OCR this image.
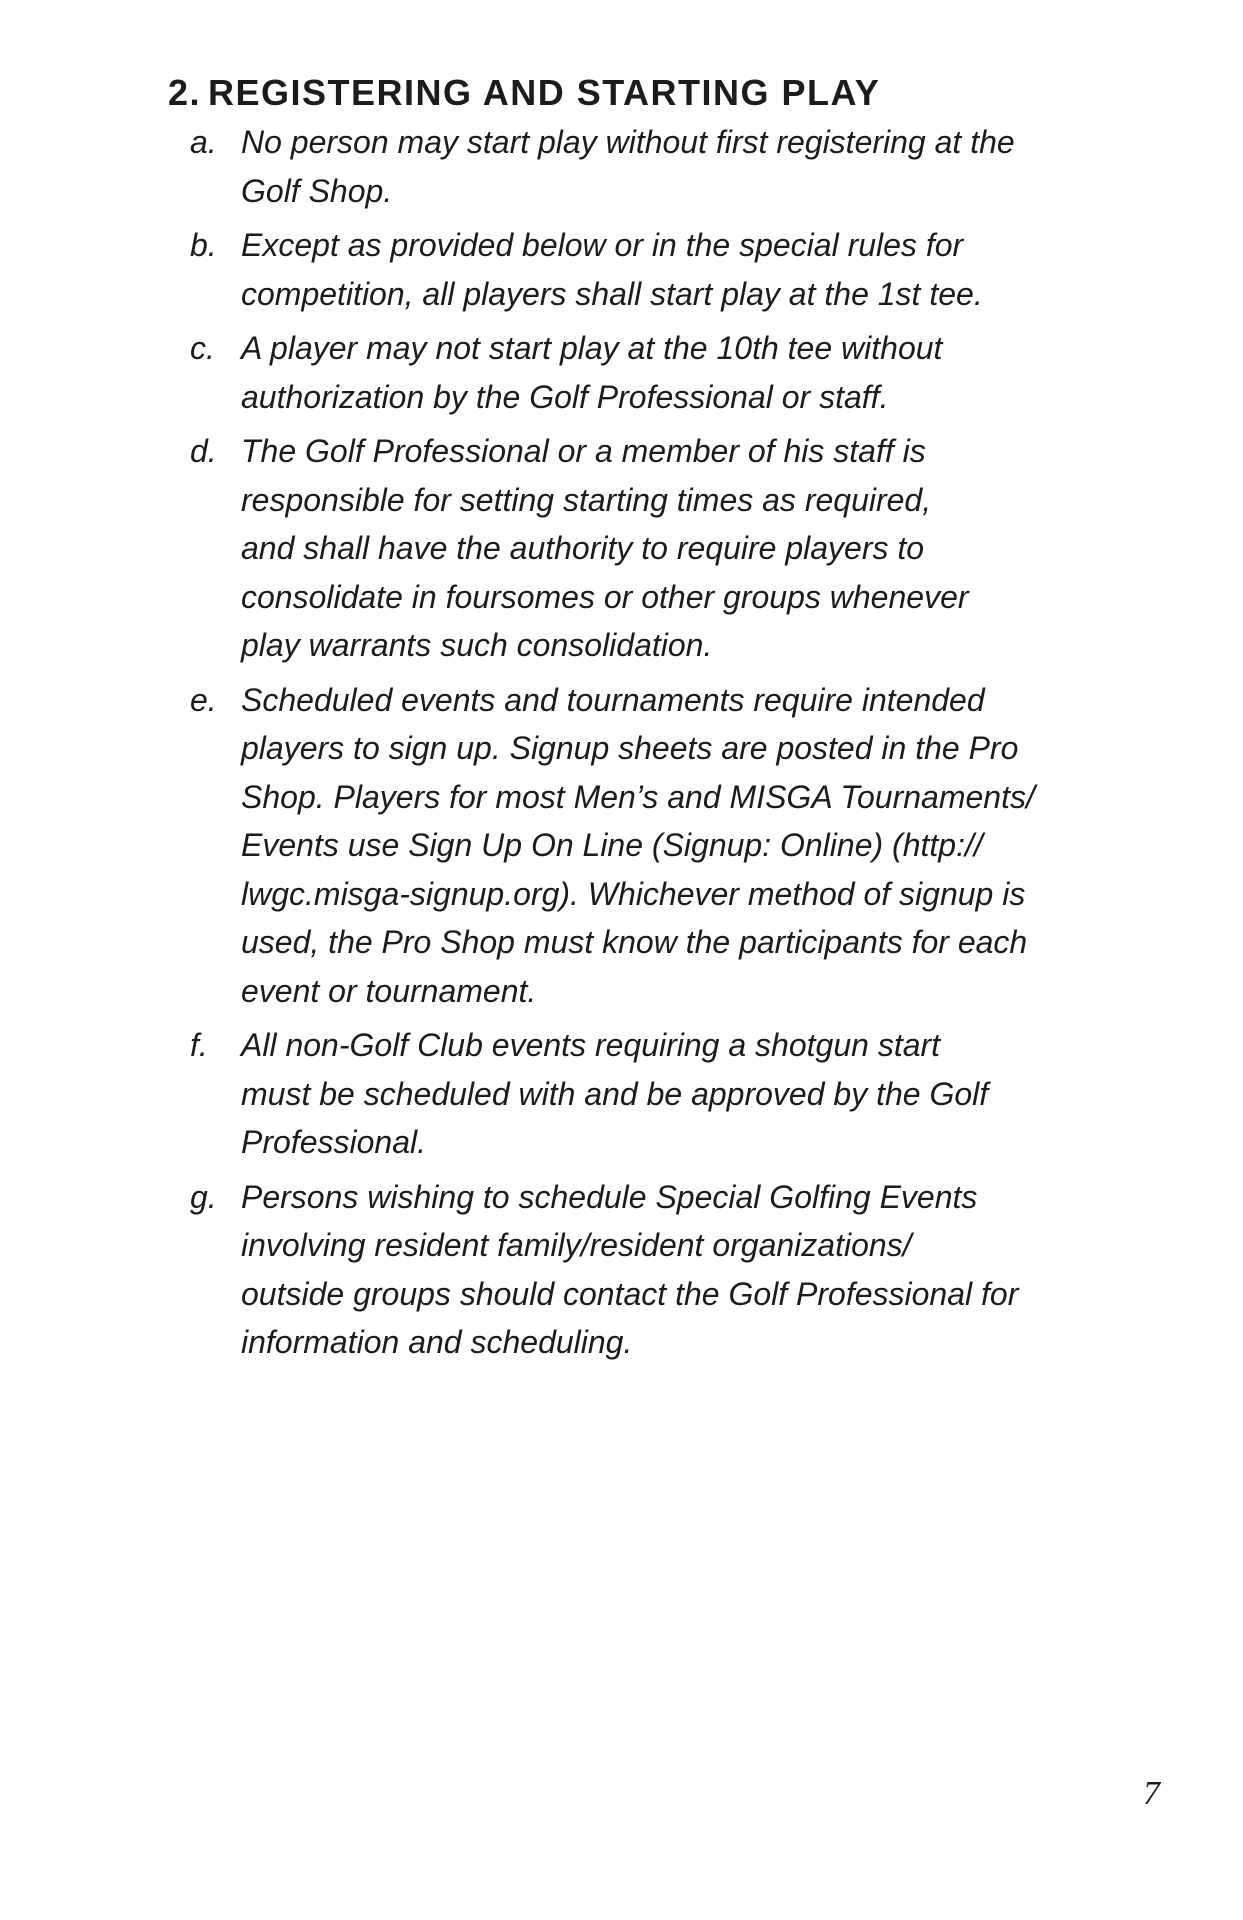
2. REGISTERING AND STARTING PLAY
a. No person may start play without first registering at the
Golf Shop.
b. Except as provided below or in the special rules for
competition, all players shall start play at the 1st tee.
c. A player may not start play at the 10th tee without
authorization by the Golf Professional or staff.
d. The Golf Professional or a member of his staff is
responsible for setting starting times as required,
and shall have the authority to require players to
consolidate in foursomes or other groups whenever
play warrants such consolidation.
e. Scheduled events and tournaments require intended
players to sign up. Signup sheets are posted in the Pro
Shop. Players for most Men’s and MISGA Tournaments/
Events use Sign Up On Line (Signup: Online) (http://
lwgc.misga-signup.org). Whichever method of signup is
used, the Pro Shop must know the participants for each
event or tournament.
f.	All non-Golf Club events requiring a shotgun start
must be scheduled with and be approved by the Golf
Professional.
g. Persons wishing to schedule Special Golfing Events
involving resident family/resident organizations/
outside groups should contact the Golf Professional for
information and scheduling.
7
